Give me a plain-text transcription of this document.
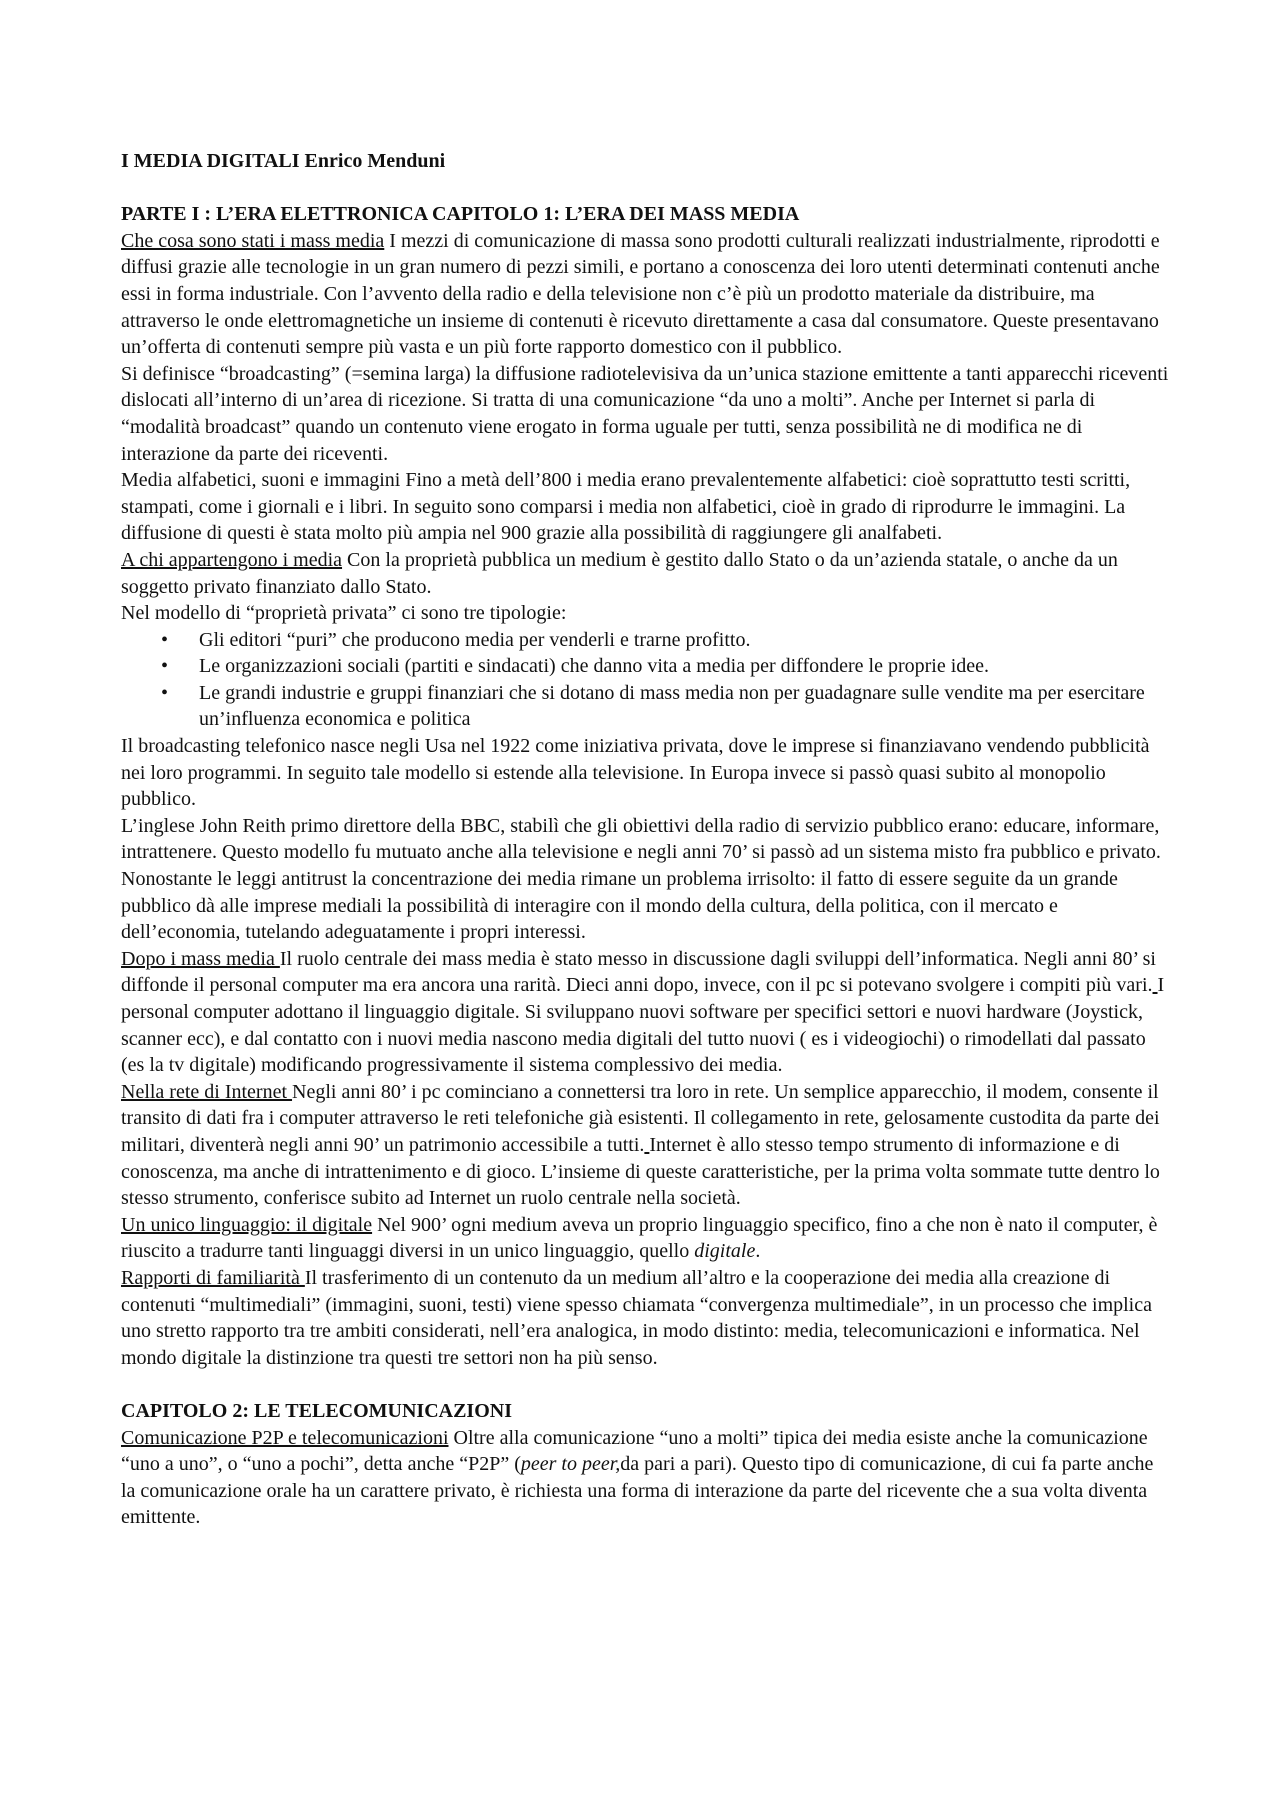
I MEDIA DIGITALI Enrico Menduni

PARTE I : L’ERA ELETTRONICA CAPITOLO 1: L’ERA DEI MASS MEDIA

Che cosa sono stati i mass media I mezzi di comunicazione di massa sono prodotti culturali realizzati industrialmente, riprodotti e diffusi grazie alle tecnologie in un gran numero di pezzi simili, e portano a conoscenza dei loro utenti determinati contenuti anche essi in forma industriale. Con l’avvento della radio e della televisione non c’è più un prodotto materiale da distribuire, ma attraverso le onde elettromagnetiche un insieme di contenuti è ricevuto direttamente a casa dal consumatore. Queste presentavano un’offerta di contenuti sempre più vasta e un più forte rapporto domestico con il pubblico.

Si definisce “broadcasting” (=semina larga) la diffusione radiotelevisiva da un’unica stazione emittente a tanti apparecchi riceventi dislocati all’interno di un’area di ricezione. Si tratta di una comunicazione “da uno a molti”. Anche per Internet si parla di “modalità broadcast” quando un contenuto viene erogato in forma uguale per tutti, senza possibilità ne di modifica ne di interazione da parte dei riceventi.

Media alfabetici, suoni e immagini Fino a metà dell’800 i media erano prevalentemente alfabetici: cioè soprattutto testi scritti, stampati, come i giornali e i libri. In seguito sono comparsi i media non alfabetici, cioè in grado di riprodurre le immagini. La diffusione di questi è stata molto più ampia nel 900 grazie alla possibilità di raggiungere gli analfabeti.

A chi appartengono i media Con la proprietà pubblica un medium è gestito dallo Stato o da un’azienda statale, o anche da un soggetto privato finanziato dallo Stato.

Nel modello di “proprietà privata” ci sono tre tipologie:

• Gli editori “puri” che producono media per venderli e trarne profitto.
• Le organizzazioni sociali (partiti e sindacati) che danno vita a media per diffondere le proprie idee.
• Le grandi industrie e gruppi finanziari che si dotano di mass media non per guadagnare sulle vendite ma per esercitare un’influenza economica e politica

Il broadcasting telefonico nasce negli Usa nel 1922 come iniziativa privata, dove le imprese si finanziavano vendendo pubblicità nei loro programmi. In seguito tale modello si estende alla televisione. In Europa invece si passò quasi subito al monopolio pubblico.

L’inglese John Reith primo direttore della BBC, stabilì che gli obiettivi della radio di servizio pubblico erano: educare, informare, intrattenere. Questo modello fu mutuato anche alla televisione e negli anni 70’ si passò ad un sistema misto fra pubblico e privato.

Nonostante le leggi antitrust la concentrazione dei media rimane un problema irrisolto: il fatto di essere seguite da un grande pubblico dà alle imprese mediali la possibilità di interagire con il mondo della cultura, della politica, con il mercato e dell’economia, tutelando adeguatamente i propri interessi.

Dopo i mass media Il ruolo centrale dei mass media è stato messo in discussione dagli sviluppi dell’informatica. Negli anni 80’ si diffonde il personal computer ma era ancora una rarità. Dieci anni dopo, invece, con il pc si potevano svolgere i compiti più vari. I personal computer adottano il linguaggio digitale. Si sviluppano nuovi software per specifici settori e nuovi hardware (Joystick, scanner ecc), e dal contatto con i nuovi media nascono media digitali del tutto nuovi ( es i videogiochi) o rimodellati dal passato (es la tv digitale) modificando progressivamente il sistema complessivo dei media.

Nella rete di Internet Negli anni 80’ i pc cominciano a connettersi tra loro in rete. Un semplice apparecchio, il modem, consente il transito di dati fra i computer attraverso le reti telefoniche già esistenti. Il collegamento in rete, gelosamente custodita da parte dei militari, diventerà negli anni 90’ un patrimonio accessibile a tutti. Internet è allo stesso tempo strumento di informazione e di conoscenza, ma anche di intrattenimento e di gioco. L’insieme di queste caratteristiche, per la prima volta sommate tutte dentro lo stesso strumento, conferisce subito ad Internet un ruolo centrale nella società.

Un unico linguaggio: il digitale Nel 900’ ogni medium aveva un proprio linguaggio specifico, fino a che non è nato il computer, è riuscito a tradurre tanti linguaggi diversi in un unico linguaggio, quello digitale.

Rapporti di familiarità Il trasferimento di un contenuto da un medium all’altro e la cooperazione dei media alla creazione di contenuti “multimediali” (immagini, suoni, testi) viene spesso chiamata “convergenza multimediale”, in un processo che implica uno stretto rapporto tra tre ambiti considerati, nell’era analogica, in modo distinto: media, telecomunicazioni e informatica. Nel mondo digitale la distinzione tra questi tre settori non ha più senso.

CAPITOLO 2: LE TELECOMUNICAZIONI

Comunicazione P2P e telecomunicazioni Oltre alla comunicazione “uno a molti” tipica dei media esiste anche la comunicazione “uno a uno”, o “uno a pochi”, detta anche “P2P” (peer to peer,da pari a pari). Questo tipo di comunicazione, di cui fa parte anche la comunicazione orale ha un carattere privato, è richiesta una forma di interazione da parte del ricevente che a sua volta diventa emittente.
